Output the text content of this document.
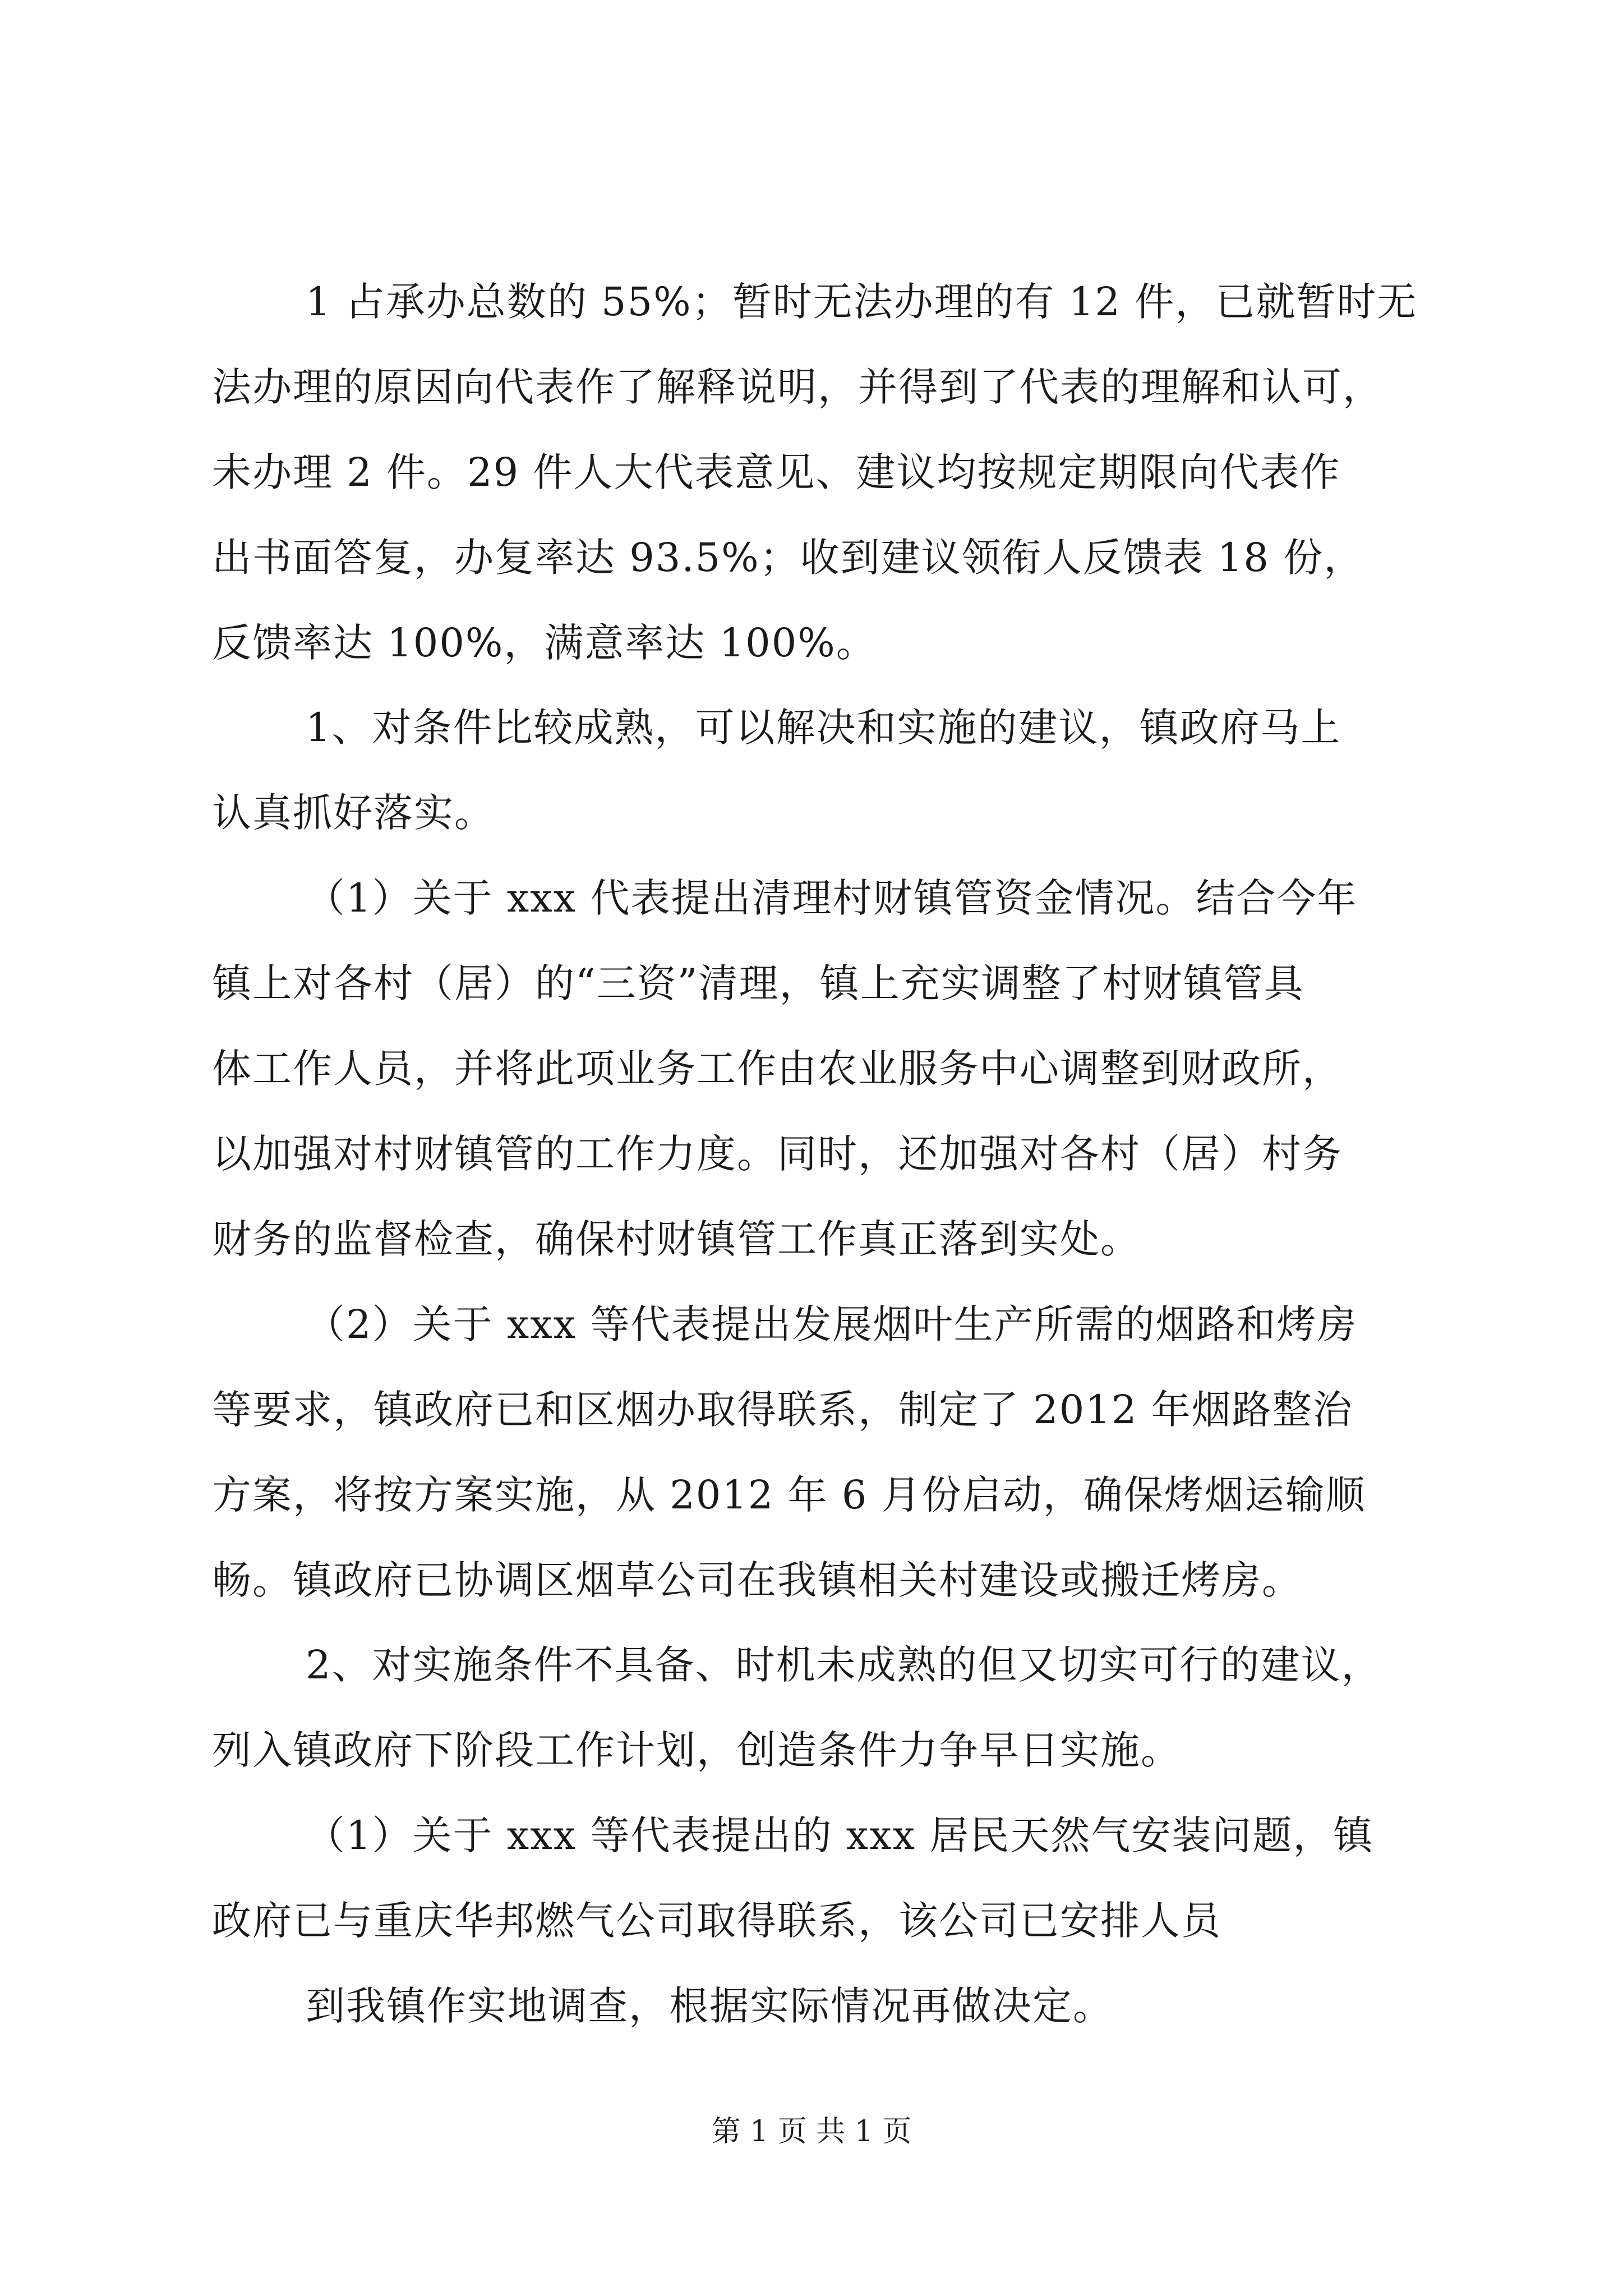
1 占承办总数的 55%；暂时无法办理的有 12 件，已就暂时无
法办理的原因向代表作了解释说明，并得到了代表的理解和认可，
未办理 2 件。29 件人大代表意见、建议均按规定期限向代表作
出书面答复，办复率达 93.5%；收到建议领衔人反馈表 18 份，
反馈率达 100%，满意率达 100%。
1、对条件比较成熟，可以解决和实施的建议，镇政府马上
认真抓好落实。
（1）关于 xxx 代表提出清理村财镇管资金情况。结合今年
镇上对各村（居）的“三资”清理，镇上充实调整了村财镇管具
体工作人员，并将此项业务工作由农业服务中心调整到财政所，
以加强对村财镇管的工作力度。同时，还加强对各村（居）村务
财务的监督检查，确保村财镇管工作真正落到实处。
（2）关于 xxx 等代表提出发展烟叶生产所需的烟路和烤房
等要求，镇政府已和区烟办取得联系，制定了 2012 年烟路整治
方案，将按方案实施，从 2012 年 6 月份启动，确保烤烟运输顺
畅。镇政府已协调区烟草公司在我镇相关村建设或搬迁烤房。
2、对实施条件不具备、时机未成熟的但又切实可行的建议，
列入镇政府下阶段工作计划，创造条件力争早日实施。
（1）关于 xxx 等代表提出的 xxx 居民天然气安装问题，镇
政府已与重庆华邦燃气公司取得联系，该公司已安排人员
到我镇作实地调查，根据实际情况再做决定。
第 1 页 共 1 页
